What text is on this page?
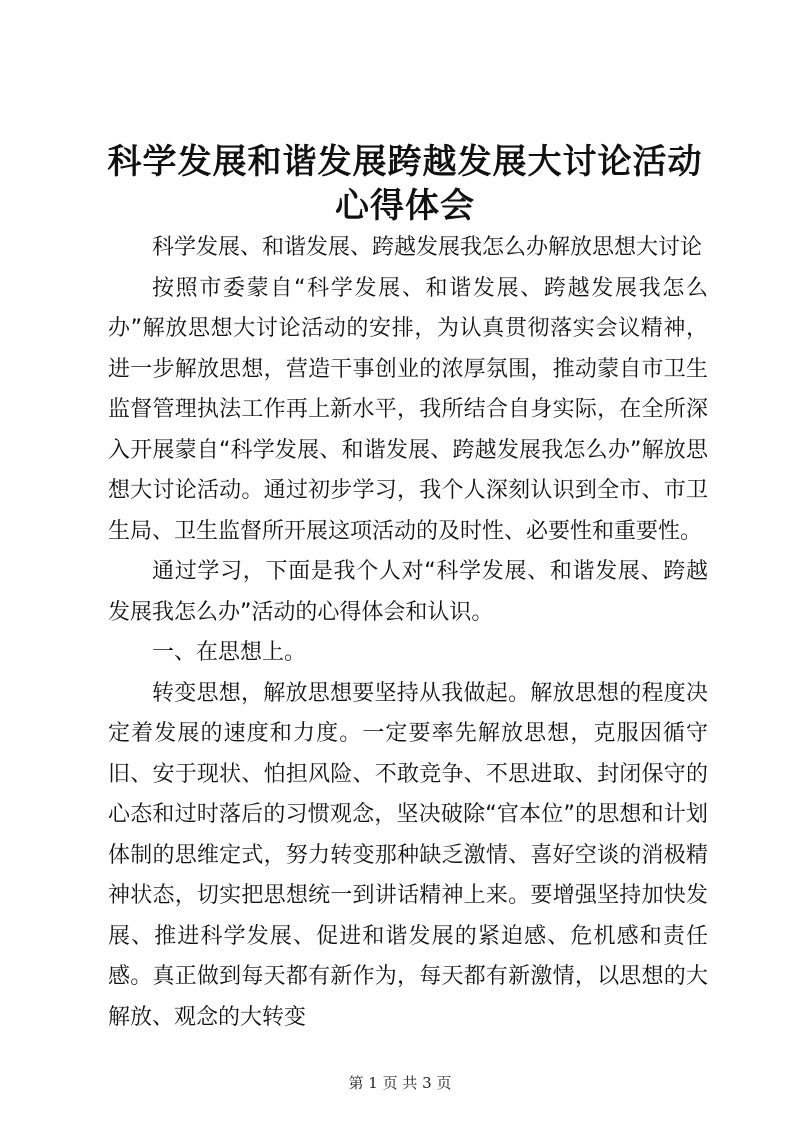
科学发展和谐发展跨越发展大讨论活动心得体会

科学发展、和谐发展、跨越发展我怎么办解放思想大讨论

按照市委蒙自“科学发展、和谐发展、跨越发展我怎么办”解放思想大讨论活动的安排，为认真贯彻落实会议精神，进一步解放思想，营造干事创业的浓厚氛围，推动蒙自市卫生监督管理执法工作再上新水平，我所结合自身实际，在全所深入开展蒙自“科学发展、和谐发展、跨越发展我怎么办”解放思想大讨论活动。通过初步学习，我个人深刻认识到全市、市卫生局、卫生监督所开展这项活动的及时性、必要性和重要性。

通过学习，下面是我个人对“科学发展、和谐发展、跨越发展我怎么办”活动的心得体会和认识。

一、在思想上。

转变思想，解放思想要坚持从我做起。解放思想的程度决定着发展的速度和力度。一定要率先解放思想，克服因循守旧、安于现状、怕担风险、不敢竞争、不思进取、封闭保守的心态和过时落后的习惯观念，坚决破除“官本位”的思想和计划体制的思维定式，努力转变那种缺乏激情、喜好空谈的消极精神状态，切实把思想统一到讲话精神上来。要增强坚持加快发展、推进科学发展、促进和谐发展的紧迫感、危机感和责任感。真正做到每天都有新作为，每天都有新激情，以思想的大解放、观念的大转变

第 1 页 共 3 页
